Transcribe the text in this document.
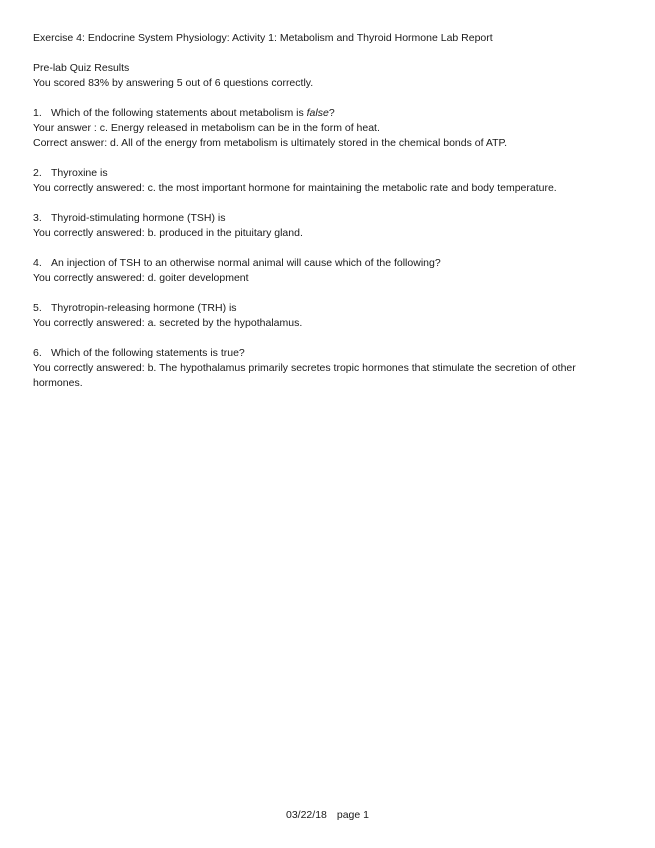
Exercise 4: Endocrine System Physiology: Activity 1: Metabolism and Thyroid Hormone Lab Report

Pre-lab Quiz Results

You scored 83% by answering 5 out of 6 questions correctly.

1. Which of the following statements about metabolism is false?

Your answer : c. Energy released in metabolism can be in the form of heat.

Correct answer: d. All of the energy from metabolism is ultimately stored in the chemical bonds of ATP.

2. Thyroxine is

You correctly answered: c. the most important hormone for maintaining the metabolic rate and body temperature.

3. Thyroid-stimulating hormone (TSH) is

You correctly answered: b. produced in the pituitary gland.

4. An injection of TSH to an otherwise normal animal will cause which of the following?

You correctly answered: d. goiter development

5. Thyrotropin-releasing hormone (TRH) is

You correctly answered: a. secreted by the hypothalamus.

6. Which of the following statements is true?

You correctly answered: b. The hypothalamus primarily secretes tropic hormones that stimulate the secretion of other hormones.

03/22/18 page 1
